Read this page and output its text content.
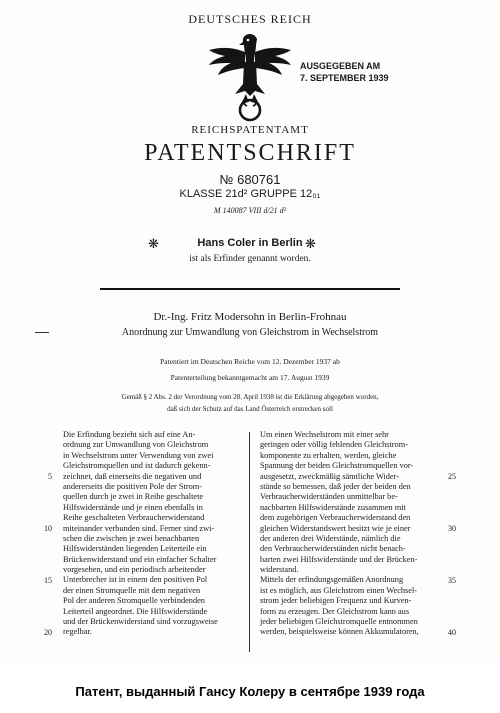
DEUTSCHES REICH
AUSGEGEBEN AM
7. SEPTEMBER 1939
REICHSPATENTAMT
PATENTSCHRIFT
№ 680761
KLASSE 21d² GRUPPE 12₀₁
M 140087 VIII d/21 d²
❋	Hans Coler in Berlin ❋
ist als Erfinder genannt worden.
Dr.-Ing. Fritz Modersohn in Berlin-Frohnau
Anordnung zur Umwandlung von Gleichstrom in Wechselstrom
Patentiert im Deutschen Reiche vom 12. Dezember 1937 ab
Patenterteilung bekanntgemacht am 17. August 1939
Gemäß § 2 Abs. 2 der Verordnung vom 28. April 1938 ist die Erklärung abgegeben worden,
daß sich der Schutz auf das Land Österreich erstrecken soll
Die Erfindung bezieht sich auf eine An-
ordnung zur Umwandlung von Gleichstrom
in Wechselstrom unter Verwendung von zwei
Gleichstromquellen und ist dadurch gekenn-
zeichnet, daß einerseits die negativen und
andererseits die positiven Pole der Strom-
quellen durch je zwei in Reihe geschaltete
Hilfswiderstände und je einen ebenfalls in
Reihe geschalteten Verbraucherwiderstand
miteinander verbunden sind. Ferner sind zwi-
schen die zwischen je zwei benachbarten
Hilfswiderständen liegenden Leiterteile ein
Brückenwiderstand und ein einfacher Schalter
vorgesehen, und ein periodisch arbeitender
Unterbrecher ist in einem den positiven Pol
der einen Stromquelle mit dem negativen
Pol der anderen Stromquelle verbindenden
Leiterteil angeordnet. Die Hilfswiderstände
und der Brückenwiderstand sind vorzugsweise
regelbar.
Um einen Wechselstrom mit einer sehr
geringen oder völlig fehlenden Gleichstrom-
komponente zu erhalten, werden, gleiche
Spannung der beiden Gleichstromquellen vor-
ausgesetzt, zweckmäßig sämtliche Wider-
stände so bemessen, daß jeder der beiden den
Verbraucherwiderständen unmittelbar be-
nachbarten Hilfswiderstände zusammen mit
dem zugehörigen Verbraucherwiderstand den
gleichen Widerstandswert besitzt wie je einer
der anderen drei Widerstände, nämlich die
den Verbraucherwiderständen nicht benach-
barten zwei Hilfswiderstände und der Brücken-
widerstand.
Mittels der erfindungsgemäßen Anordnung
ist es möglich, aus Gleichstrom einen Wechsel-
strom jeder beliebigen Frequenz und Kurven-
form zu erzeugen. Der Gleichstrom kann aus
jeder beliebigen Gleichstromquelle entnommen
werden, beispielsweise können Akkumulatoren,
5
10
15
20
25
30
35
40
Патент, выданный Гансу Колеру в сентябре 1939 года
